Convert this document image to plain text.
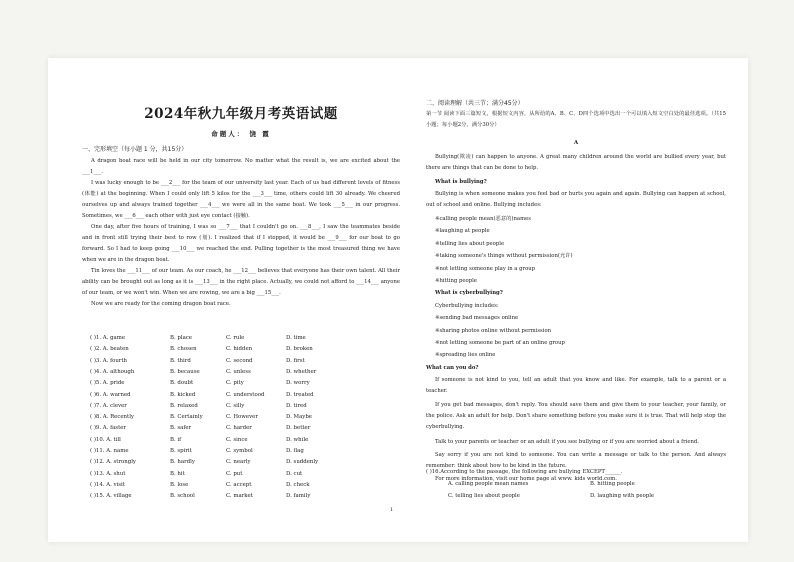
2024年秋九年级月考英语试题
命题人： 饶 霞
一、完形填空（每小题 1 分，共15分）

A dragon boat race will be held in our city tomorrow. No matter what the result is, we are excited about the ___1___.

I was lucky enough to be ___2___ for the team of our university last year. Each of us had different levels of fitness (体能) at the beginning. When I could only lift 5 kilos for the ___3___ time, others could lift 30 already. We cheered ourselves up and always trained together ___4___ we were all in the same boat. We took ___5___ in our progress. Sometimes, we ___6___ each other with just eye contact (接触).

One day, after five hours of training, I was so ___7___ that I couldn't go on. ___8___, I saw the teammates beside and in front still trying their best to row (划). I realized that if I stopped, it would be ___9___ for our boat to go forward. So I had to keep going ___10___ we reached the end. Pulling together is the most treasured thing we have when we are in the dragon boat.

Tin loves the ___11___ of our team. As our coach, he ___12___ believes that everyone has their own talent. All their ability can be brought out as long as it is ___13___ in the right place. Actually, we could not afford to ___14___ anyone of our team, or we won't win. When we are rowing, we are a big ___15___.

Now we are ready for the coming dragon boat race.

( )1. A. game	B. place	C. rule	D. time
( )2. A. beaten	B. chosen	C. hidden	D. broken
( )3. A. fourth	B. third	C. second	D. first
( )4. A. although	B. because	C. unless	D. whether
( )5. A. pride	B. doubt	C. pity	D. worry
( )6. A. warned	B. kicked	C. understood	D. treated
( )7. A. clever	B. relaxed	C. silly	D. tired
( )8. A. Recently	B. Certainly	C. However	D. Maybe
( )9. A. faster	B. safer	C. harder	D. better
( )10. A. till	B. if	C. since	D. while
( )11. A. name	B. spirit	C. symbol	D. flag
( )12. A. strongly	B. hardly	C. nearly	D. suddenly
( )13. A. shut	B. hit	C. put	D. cut
( )14. A. visit	B. lose	C. accept	D. check
( )15. A. village	B. school	C. market	D. family
1
二、阅读理解（共三节；满分45分）
第一节 阅读下面三篇短文，根据短文内容，从所给的A、B、C、D四个选项中选出一个可以填入短文空白处的最佳选项。（共15小题；每小题2分，满分30分）
A
Bullying(欺凌) can happen to anyone. A great many children around the world are bullied every year, but there are things that can be done to help.
What is bullying?
Bullying is when someone makes you feel bad or hurts you again and again. Bullying can happen at school, out of school and online. Bullying includes:
※calling people mean(恶意的)names
※laughing at people
※telling lies about people
※taking someone's things without permission(允许)
※not letting someone play in a group
※hitting people
What is cyberbullying?
Cyberbullying includes:
※sending bad messages online
※sharing photos online without permission
※not letting someone be part of an online group
※spreading lies online
What can you do?
If someone is not kind to you, tell an adult that you know and like. For example, talk to a parent or a teacher.
If you get bad messages, don't reply. You should save them and give them to your teacher, your family, or the police. Ask an adult for help. Don't share something before you make sure it is true. That will help stop the cyberbullying.
Talk to your parents or teacher or an adult if you see bullying or if you are worried about a friend.
Say sorry if you are not kind to someone. You can write a message or talk to the person. And always remember: think about how to be kind in the future.
For more information, visit our home page at www. kids world.com.
( )16.According to the passage, the following are bullying EXCEPT______.
A. calling people mean names	B. hitting people
C. telling lies about people	D. laughing with people
